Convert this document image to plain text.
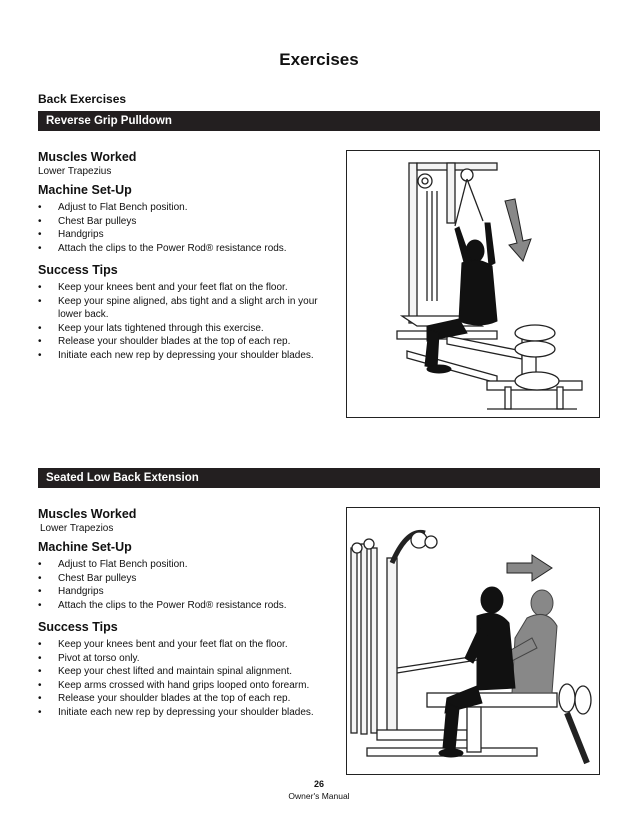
Exercises
Back Exercises
Reverse Grip Pulldown

Muscles Worked

Lower Trapezius

Machine Set-Up

• Adjust to Flat Bench position.
• Chest Bar pulleys
• Handgrips
• Attach the clips to the Power Rod® resistance rods.

Success Tips

• Keep your knees bent and your feet flat on the floor.
• Keep your spine aligned, abs tight and a slight arch in your lower back.
• Keep your lats tightened through this exercise.
• Release your shoulder blades at the top of each rep.
• Initiate each new rep by depressing your shoulder blades.
Seated Low Back Extension

Muscles Worked

Lower Trapezios

Machine Set-Up

• Adjust to Flat Bench position.
• Chest Bar pulleys
• Handgrips
• Attach the clips to the Power Rod® resistance rods.

Success Tips

• Keep your knees bent and your feet flat on the floor.
• Pivot at torso only.
• Keep your chest lifted and maintain spinal alignment.
• Keep arms crossed with hand grips looped onto forearm.
• Release your shoulder blades at the top of each rep.
• Initiate each new rep by depressing your shoulder blades.
26
Owner's Manual
